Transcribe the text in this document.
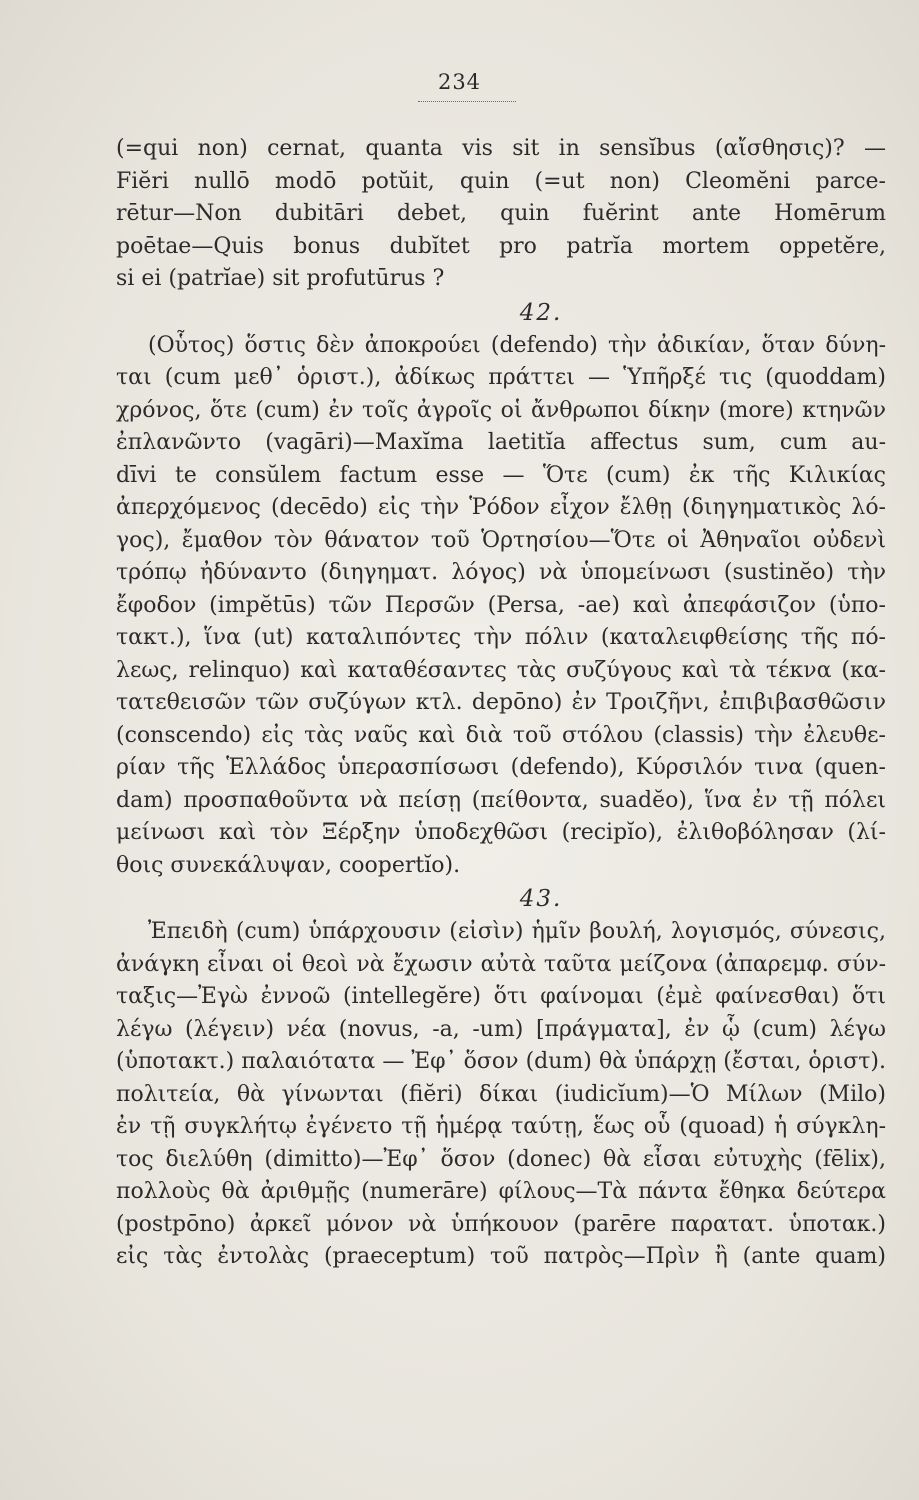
234
(=qui non) cernat, quanta vis sit in sensĭbus (αἴσθησις)? —
Fiĕri nullō modō potŭit, quin (=ut non) Cleomĕni parce-
rētur—Non dubitāri debet, quin fuĕrint ante Homērum
poētae—Quis bonus dubĭtet pro patrĭa mortem oppetĕre,
si ei (patrĭae) sit profutūrus ?
42.
(Οὗτος) ὅστις δὲν ἀποκρούει (defendo) τὴν ἀδικίαν, ὅταν δύνη-
ται (cum μεθ᾽ ὁριστ.), ἀδίκως πράττει — Ὑπῆρξέ τις (quoddam)
χρόνος, ὅτε (cum) ἐν τοῖς ἀγροῖς οἱ ἄνθρωποι δίκην (more) κτηνῶν
ἐπλανῶντο (vagāri)—Maxĭma laetitĭa affectus sum, cum au-
dīvi te consŭlem factum esse — Ὅτε (cum) ἐκ τῆς Κιλικίας
ἀπερχόμενος (decēdo) εἰς τὴν Ῥόδον εἶχον ἔλθῃ (διηγηματικὸς λό-
γος), ἔμαθον τὸν θάνατον τοῦ Ὁρτησίου—Ὅτε οἱ Ἀθηναῖοι οὐδενὶ
τρόπῳ ἠδύναντο (διηγηματ. λόγος) νὰ ὑπομείνωσι (sustinĕo) τὴν
ἔφοδον (impĕtūs) τῶν Περσῶν (Persa, -ae) καὶ ἀπεφάσιζον (ὑπο-
τακτ.), ἵνα (ut) καταλιπόντες τὴν πόλιν (καταλειφθείσης τῆς πό-
λεως, relinquo) καὶ καταθέσαντες τὰς συζύγους καὶ τὰ τέκνα (κα-
τατεθεισῶν τῶν συζύγων κτλ. depōno) ἐν Τροιζῆνι, ἐπιβιβασθῶσιν
(conscendo) εἰς τὰς ναῦς καὶ διὰ τοῦ στόλου (classis) τὴν ἐλευθε-
ρίαν τῆς Ἑλλάδος ὑπερασπίσωσι (defendo), Κύρσιλόν τινα (quen-
dam) προσπαθοῦντα νὰ πείσῃ (πείθοντα, suadĕo), ἵνα ἐν τῇ πόλει
μείνωσι καὶ τὸν Ξέρξην ὑποδεχθῶσι (recipĭo), ἐλιθοβόλησαν (λί-
θοις συνεκάλυψαν, coopertĭo).
43.
Ἐπειδὴ (cum) ὑπάρχουσιν (εἰσὶν) ἡμῖν βουλή, λογισμός, σύνεσις,
ἀνάγκη εἶναι οἱ θεοὶ νὰ ἔχωσιν αὐτὰ ταῦτα μείζονα (ἀπαρεμφ. σύν-
ταξις—Ἐγὼ ἐννοῶ (intellegĕre) ὅτι φαίνομαι (ἐμὲ φαίνεσθαι) ὅτι
λέγω (λέγειν) νέα (novus, -a, -um) [πράγματα], ἐν ᾧ (cum) λέγω
(ὑποτακτ.) παλαιότατα — Ἐφ᾽ ὅσον (dum) θὰ ὑπάρχῃ (ἔσται, ὁριστ).
πολιτεία, θὰ γίνωνται (fiĕri) δίκαι (iudicĭum)—Ὁ Μίλων (Milo)
ἐν τῇ συγκλήτῳ ἐγένετο τῇ ἡμέρᾳ ταύτῃ, ἕως οὗ (quoad) ἡ σύγκλη-
τος διελύθη (dimitto)—Ἐφ᾽ ὅσον (donec) θὰ εἶσαι εὐτυχὴς (fēlix),
πολλοὺς θὰ ἀριθμῇς (numerāre) φίλους—Τὰ πάντα ἔθηκα δεύτερα
(postpōno) ἀρκεῖ μόνον νὰ ὑπήκουον (parēre παρατατ. ὑποτακ.)
εἰς τὰς ἐντολὰς (praeceptum) τοῦ πατρὸς—Πρὶν ἢ (ante quam)
